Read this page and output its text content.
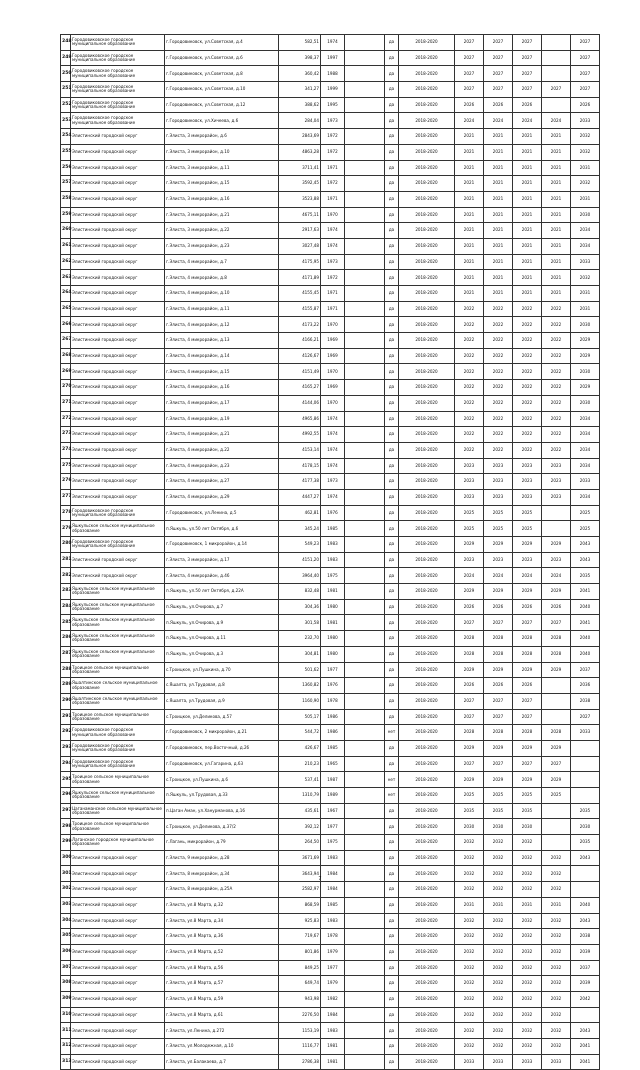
248	Городовиковское городское муниципальное образование	г.Городовиковск, ул.Советская, д.4	582,51	1974		да	2018-2020	2027	2027	2027		2027
249	Городовиковское городское муниципальное образование	г.Городовиковск, ул.Советская, д.6	398,37	1997		да	2018-2020	2027	2027	2027		2027
250	Городовиковское городское муниципальное образование	г.Городовиковск, ул.Советская, д.8	360,42	1988		да	2018-2020	2027	2027	2027		2027
251	Городовиковское городское муниципальное образование	г.Городовиковск, ул.Советская, д.10	341,27	1999		да	2018-2020	2027	2027	2027	2027	2027
252	Городовиковское городское муниципальное образование	г.Городовиковск, ул.Советская, д.12	388,62	1995		да	2018-2020	2026	2026	2026		2026
253	Городовиковское городское муниципальное образование	г.Городовиковск, ул.Хичеева, д.6	284,04	1973		да	2018-2020	2024	2024	2024	2024	2033
254	Элистинский городской округ	г.Элиста, 3 микрорайон, д.6	2843,69	1972		да	2018-2020	2021	2021	2021	2021	2032
255	Элистинский городской округ	г.Элиста, 3 микрорайон, д.10	4863,28	1972		да	2018-2020	2021	2021	2021	2021	2032
256	Элистинский городской округ	г.Элиста, 3 микрорайон, д.11	3711,41	1971		да	2018-2020	2021	2021	2021	2021	2031
257	Элистинский городской округ	г.Элиста, 3 микрорайон, д.15	3592,45	1972		да	2018-2020	2021	2021	2021	2021	2032
258	Элистинский городской округ	г.Элиста, 3 микрорайон, д.16	3523,88	1971		да	2018-2020	2021	2021	2021	2021	2031
259	Элистинский городской округ	г.Элиста, 3 микрорайон, д.21	4675,11	1970		да	2018-2020	2021	2021	2021	2021	2030
260	Элистинский городской округ	г.Элиста, 3 микрорайон, д.22	2917,63	1974		да	2018-2020	2021	2021	2021	2021	2034
261	Элистинский городской округ	г.Элиста, 3 микрорайон, д.23	3027,48	1974		да	2018-2020	2021	2021	2021	2021	2034
262	Элистинский городской округ	г.Элиста, 4 микрорайон, д.7	4175,95	1973		да	2018-2020	2021	2021	2021	2021	2033
263	Элистинский городской округ	г.Элиста, 4 микрорайон, д.8	4171,89	1972		да	2018-2020	2021	2021	2021	2021	2032
264	Элистинский городской округ	г.Элиста, 4 микрорайон, д.10	4155,45	1971		да	2018-2020	2021	2021	2021	2021	2031
265	Элистинский городской округ	г.Элиста, 4 микрорайон, д.11	4155,87	1971		да	2018-2020	2022	2022	2022	2022	2031
266	Элистинский городской округ	г.Элиста, 4 микрорайон, д.12	4173,22	1970		да	2018-2020	2022	2022	2022	2022	2030
267	Элистинский городской округ	г.Элиста, 4 микрорайон, д.13	4166,21	1969		да	2018-2020	2022	2022	2022	2022	2029
268	Элистинский городской округ	г.Элиста, 4 микрорайон, д.14	4126,67	1969		да	2018-2020	2022	2022	2022	2022	2029
269	Элистинский городской округ	г.Элиста, 4 микрорайон, д.15	4151,49	1970		да	2018-2020	2022	2022	2022	2022	2030
270	Элистинский городской округ	г.Элиста, 4 микрорайон, д.16	4165,27	1969		да	2018-2020	2022	2022	2022	2022	2029
271	Элистинский городской округ	г.Элиста, 4 микрорайон, д.17	4144,06	1970		да	2018-2020	2022	2022	2022	2022	2030
272	Элистинский городской округ	г.Элиста, 4 микрорайон, д.19	4965,86	1974		да	2018-2020	2022	2022	2022	2022	2034
273	Элистинский городской округ	г.Элиста, 4 микрорайон, д.21	4992,55	1974		да	2018-2020	2022	2022	2022	2022	2034
274	Элистинский городской округ	г.Элиста, 4 микрорайон, д.22	4153,14	1974		да	2018-2020	2022	2022	2022	2022	2034
275	Элистинский городской округ	г.Элиста, 4 микрорайон, д.23	4178,15	1974		да	2018-2020	2023	2023	2023	2023	2034
276	Элистинский городской округ	г.Элиста, 4 микрорайон, д.27	4177,38	1973		да	2018-2020	2023	2023	2023	2023	2033
277	Элистинский городской округ	г.Элиста, 4 микрорайон, д.29	4447,27	1974		да	2018-2020	2023	2023	2023	2023	2034
278	Городовиковское городское муниципальное образование	г.Городовиковск, ул.Ленина, д.5	462,81	1976		да	2018-2020	2025	2025	2025		2025
279	Яшкульское сельское муниципальное образование	п.Яшкуль, ул.50 лет Октября, д.6	345,24	1985		да	2018-2020	2025	2025	2025		2025
280	Городовиковское городское муниципальное образование	г.Городовиковск, 1 микрорайон, д.14	549,23	1983		да	2018-2020	2029	2029	2029	2029	2043
281	Элистинский городской округ	г.Элиста, 3 микрорайон, д.17	4151,20	1983		да	2018-2020	2023	2023	2023	2023	2043
282	Элистинский городской округ	г.Элиста, 4 микрорайон, д.46	3964,40	1975		да	2018-2020	2024	2024	2024	2024	2035
283	Яшкульское сельское муниципальное образование	п.Яшкуль, ул.50 лет Октября, д.22А	832,48	1981		да	2018-2020	2029	2029	2029	2029	2041
284	Яшкульское сельское муниципальное образование	п.Яшкуль, ул.Очирова, д.7	304,36	1980		да	2018-2020	2026	2026	2026	2026	2040
285	Яшкульское сельское муниципальное образование	п.Яшкуль, ул.Очирова, д.9	301,58	1981		да	2018-2020	2027	2027	2027	2027	2041
286	Яшкульское сельское муниципальное образование	п.Яшкуль, ул.Очирова, д.11	232,70	1980		да	2018-2020	2028	2028	2028	2028	2040
287	Яшкульское сельское муниципальное образование	п.Яшкуль, ул.Очирова, д.3	304,81	1980		да	2018-2020	2028	2028	2028	2028	2040
288	Троицкое сельское муниципальное образование	с.Троицкое, ул.Пушкина, д.70	501,62	1977		да	2018-2020	2029	2029	2029	2029	2037
289	Яшалтинское сельское муниципальное образование	с.Яшалта, ул.Трудовая, д.8	1360,82	1976		да	2018-2020	2026	2026	2026		2036
290	Яшалтинское сельское муниципальное образование	с.Яшалта, ул.Трудовая, д.9	1160,90	1978		да	2018-2020	2027	2027	2027		2038
291	Троицкое сельское муниципальное образование	с.Троицкое, ул.Деликова, д.57	505,17	1986		да	2018-2020	2027	2027	2027		2027
292	Городовиковское городское муниципальное образование	г.Городовиковск, 2 микрорайон, д.21	544,72	1986		нет	2018-2020	2028	2028	2028	2028	2033
293	Городовиковское городское муниципальное образование	г.Городовиковск, пер.Восточный, д.26	426,67	1985		да	2018-2020	2029	2029	2029	2029	
294	Городовиковское городское муниципальное образование	г.Городовиковск, ул.Гагарина, д.63	210,23	1965		да	2018-2020	2027	2027	2027	2027	
295	Троицкое сельское муниципальное образование	с.Троицкое, ул.Пушкина, д.6	537,41	1987		нет	2018-2020	2029	2029	2029	2029	
296	Яшкульское сельское муниципальное образование	п.Яшкуль, ул.Трудовая, д.33	1310,79	1989		нет	2018-2020	2025	2025	2025	2025	
297	Цаганаманское сельское муниципальное образование	п.Цаган Аман, ул.Ханурманова, д.16	435,61	1967		да	2018-2020	2035	2035	2035		2035
298	Троицкое сельское муниципальное образование	с.Троицкое, ул.Деликова, д.37/2	392,12	1977		да	2018-2020	2030	2030	2030		2030
299	Лаганское городское муниципальное образование	г.Лагань, микрорайон, д.79	264,50	1975		да	2018-2020	2032	2032	2032		2035
300	Элистинский городской округ	г.Элиста, 9 микрорайон, д.28	3671,69	1983		да	2018-2020	2032	2032	2032	2032	2043
301	Элистинский городской округ	г.Элиста, 8 микрорайон, д.34	3643,94	1984		да	2018-2020	2032	2032	2032	2032	
302	Элистинский городской округ	г.Элиста, 8 микрорайон, д.25А	2582,97	1984		да	2018-2020	2032	2032	2032	2032	
303	Элистинский городской округ	г.Элиста, ул.8 Марта, д.32	868,59	1985		да	2018-2020	2031	2031	2031	2031	2040
304	Элистинский городской округ	г.Элиста, ул.8 Марта, д.34	925,83	1983		да	2018-2020	2032	2032	2032	2032	2043
305	Элистинский городской округ	г.Элиста, ул.8 Марта, д.36	719,67	1978		да	2018-2020	2032	2032	2032	2032	2038
306	Элистинский городской округ	г.Элиста, ул.8 Марта, д.52	801,86	1979		да	2018-2020	2032	2032	2032	2032	2039
307	Элистинский городской округ	г.Элиста, ул.8 Марта, д.56	849,25	1977		да	2018-2020	2032	2032	2032	2032	2037
308	Элистинский городской округ	г.Элиста, ул.8 Марта, д.57	649,74	1979		да	2018-2020	2032	2032	2032	2032	2039
309	Элистинский городской округ	г.Элиста, ул.8 Марта, д.59	943,98	1982		да	2018-2020	2032	2032	2032	2032	2042
310	Элистинский городской округ	г.Элиста, ул.8 Марта, д.61	2276,50	1984		да	2018-2020	2032	2032	2032	2032	
311	Элистинский городской округ	г.Элиста, ул.Ленина, д.272	1153,19	1983		да	2018-2020	2032	2032	2032	2032	2043
312	Элистинский городской округ	г.Элиста, ул.Молодежная, д.10	1116,77	1981		да	2018-2020	2032	2032	2032	2032	2041
313	Элистинский городской округ	г.Элиста, ул.Балакаева, д.7	2786,38	1981		да	2018-2020	2033	2033	2033	2033	2041
7
